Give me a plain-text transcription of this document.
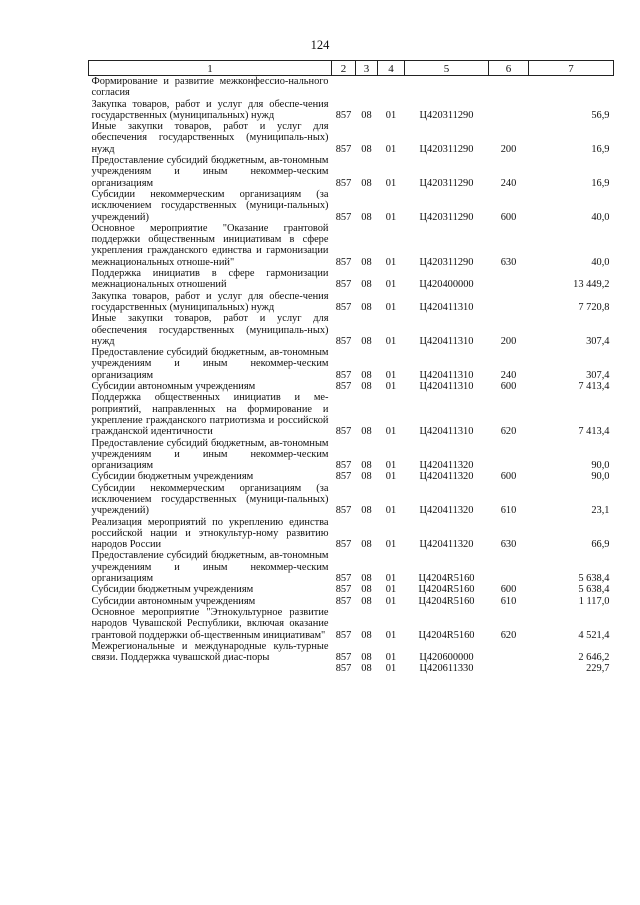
124
1	2	3	4	5	6	7
Формирование и развитие межконфессио-нального согласия						
Закупка товаров, работ и услуг для обеспе-чения государственных (муниципальных) нужд	857	08	01	Ц420311290		56,9
Иные закупки товаров, работ и услуг для обеспечения государственных (муниципаль-ных) нужд	857	08	01	Ц420311290	200	16,9
Предоставление субсидий бюджетным, ав-тономным учреждениям и иным некоммер-ческим организациям	857	08	01	Ц420311290	240	16,9
Субсидии некоммерческим организациям (за исключением государственных (муници-пальных) учреждений)	857	08	01	Ц420311290	600	40,0
Основное мероприятие "Оказание грантовой поддержки общественным инициативам в сфере укрепления гражданского единства и гармонизации межнациональных отноше-ний"	857	08	01	Ц420311290	630	40,0
Поддержка инициатив в сфере гармонизации межнациональных отношений	857	08	01	Ц420400000		13 449,2
Закупка товаров, работ и услуг для обеспе-чения государственных (муниципальных) нужд	857	08	01	Ц420411310		7 720,8
Иные закупки товаров, работ и услуг для обеспечения государственных (муниципаль-ных) нужд	857	08	01	Ц420411310	200	307,4
Предоставление субсидий бюджетным, ав-тономным учреждениям и иным некоммер-ческим организациям	857	08	01	Ц420411310	240	307,4
Субсидии автономным учреждениям	857	08	01	Ц420411310	600	7 413,4
Поддержка общественных инициатив и ме-роприятий, направленных на формирование и укрепление гражданского патриотизма и российской гражданской идентичности	857	08	01	Ц420411310	620	7 413,4
Предоставление субсидий бюджетным, ав-тономным учреждениям и иным некоммер-ческим организациям	857	08	01	Ц420411320		90,0
Субсидии бюджетным учреждениям	857	08	01	Ц420411320	600	90,0
Субсидии некоммерческим организациям (за исключением государственных (муници-пальных) учреждений)	857	08	01	Ц420411320	610	23,1
Реализация мероприятий по укреплению единства российской нации и этнокультур-ному развитию народов России	857	08	01	Ц420411320	630	66,9
Предоставление субсидий бюджетным, ав-тономным учреждениям и иным некоммер-ческим организациям	857	08	01	Ц4204R5160		5 638,4
Субсидии бюджетным учреждениям	857	08	01	Ц4204R5160	600	5 638,4
Субсидии автономным учреждениям	857	08	01	Ц4204R5160	610	1 117,0
Основное мероприятие "Этнокультурное развитие народов Чувашской Республики, включая оказание грантовой поддержки об-щественным инициативам"	857	08	01	Ц4204R5160	620	4 521,4
Межрегиональные и международные куль-турные связи. Поддержка чувашской диас-поры	857	08	01	Ц420600000		2 646,2
	857	08	01	Ц420611330		229,7
